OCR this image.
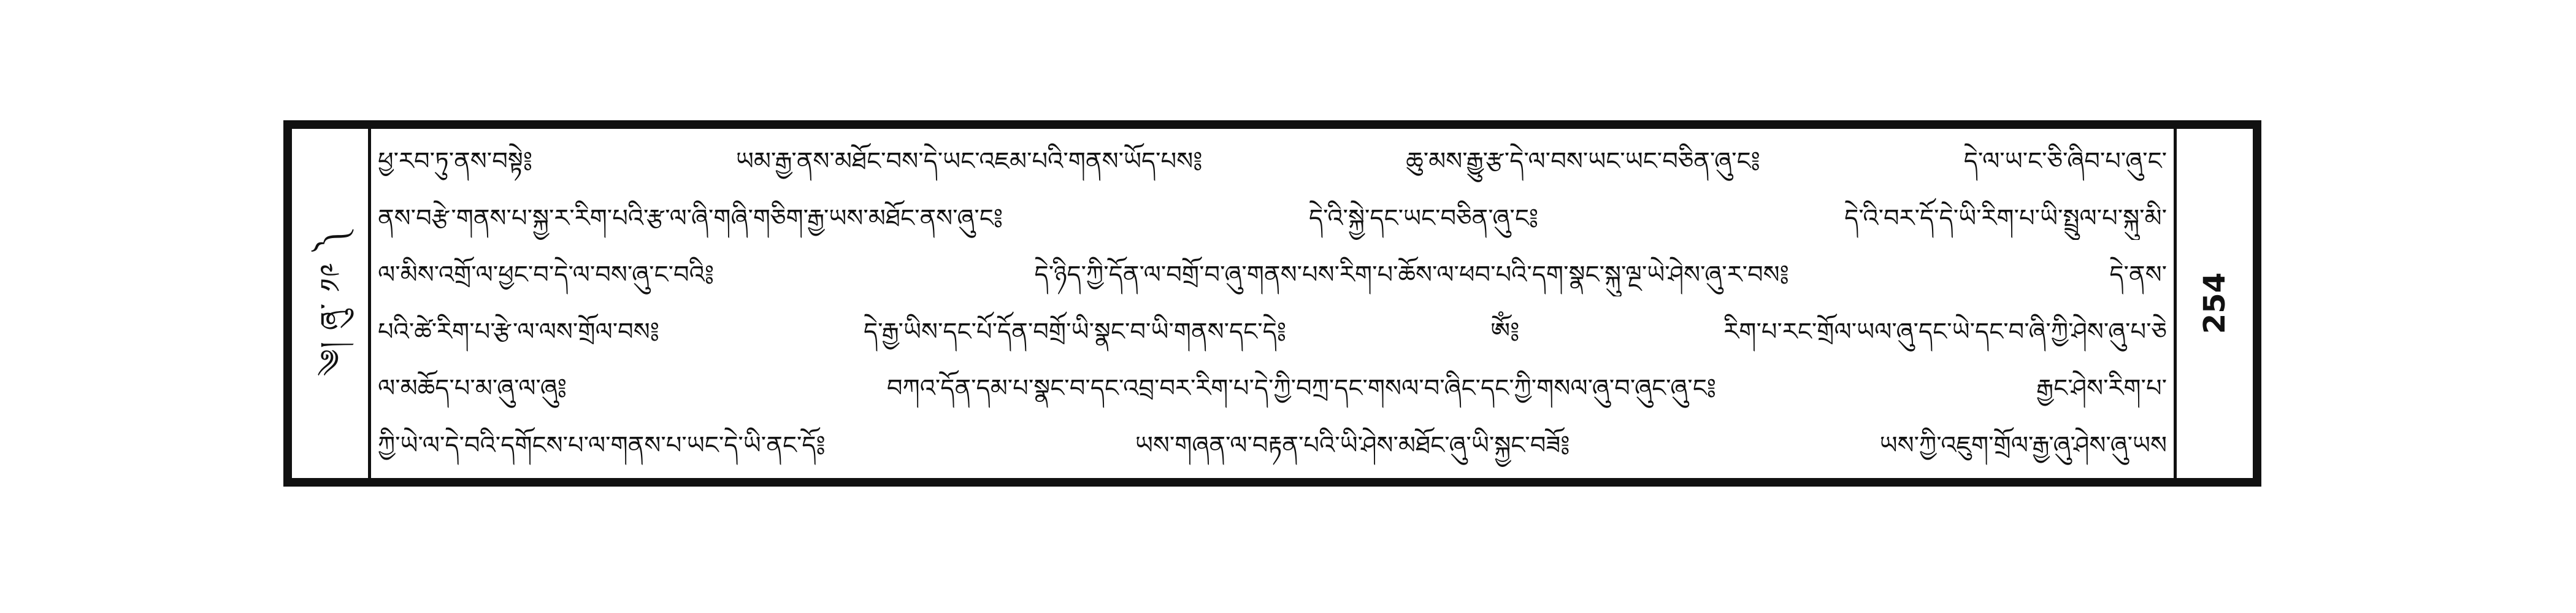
༄། ཞུ་ ༡༩ ༽
ཕྱ་རབ་ཏུ་ནས་བསྟེ༔ ཡམ་རྒྱ་ནས་མཐོང་བས་དེ་ཡང་འཇམ་པའི་གནས་ཡོད་པས༔ ཆུ་མས་རྒྱུ་རྩ་དེ་ལ་བས་ཡང་ཡང་བཅིན་ཞུ་ང༔ དེ་ལ་ཡ་ང་ཅི་ཞིབ་པ་ཞུ་ང་
ནས་བརྩེ་གནས་པ་སྐྱ་ར་རིག་པའི་རྩ་ལ་ཞི་གཞི་གཅིག་རྒྱ་ཡས་མཐོང་ནས་ཞུ་ང༔ དེ་འི་སྐྱེ་དང་ཡང་བཅིན་ཞུ་ང༔ དེ་འི་བར་དོ་དེ་ཡི་རིག་པ་ཡི་སྤྲུལ་པ་སྐུ་མི་
ལ་མིས་འགྲོ་ལ་ཕྱང་བ་དེ་ལ་བས་ཞུ་ང་བའི༔ དེ་ཉིད་ཀྱི་དོན་ལ་བགྲོ་བ་ཞུ་གནས་པས་རིག་པ་ཆོས་ལ་ཕབ་པའི་དག་སྣང་སྐུ་ལྔ་ཡེ་ཤེས་ཞུ་ར་བས༔ དེ་ནས་
པའི་ཚེ་རིག་པ་རྩེ་ལ་ལས་གྲོལ་བས༔ དེ་རྒྱ་ཡིས་དང་པོ་དོན་བགྲོ་ཡི་སྣང་བ་ཡི་གནས་དང་དེ༔ ༀ༔ རིག་པ་རང་གྲོལ་ཡལ་ཞུ་དང་ཡེ་དང་བ་ཞི་ཀྱི་ཤེས་ཞུ་པ་ཅེ
ལ་མཆོད་པ་མ་ཞུ་ལ་ཞུ༔ བཀའ་དོན་དམ་པ་སྣང་བ་དང་འབྲ་བར་རིག་པ་དེ་ཀྱི་བཀྲ་དང་གསལ་བ་ཞིང་དང་ཀྱི་གསལ་ཞུ་བ་ཞུང་ཞུ་ང༔ རྒྱང་ཤེས་རིག་པ་
ཀྱི་ཡེ་ལ་དེ་བའི་དགོངས་པ་ལ་གནས་པ་ཡང་དེ་ཡི་ནང་དོ༔ ཡས་གཞན་ལ་བརྟན་པའི་ཡི་ཤེས་མཐོང་ཞུ་ཡི་སྐྱང་བཟོ༔ ཡས་ཀྱི་འཇུག་གྲོལ་རྒྱ་ཞུ་ཤེས་ཞུ་ཡས
254
